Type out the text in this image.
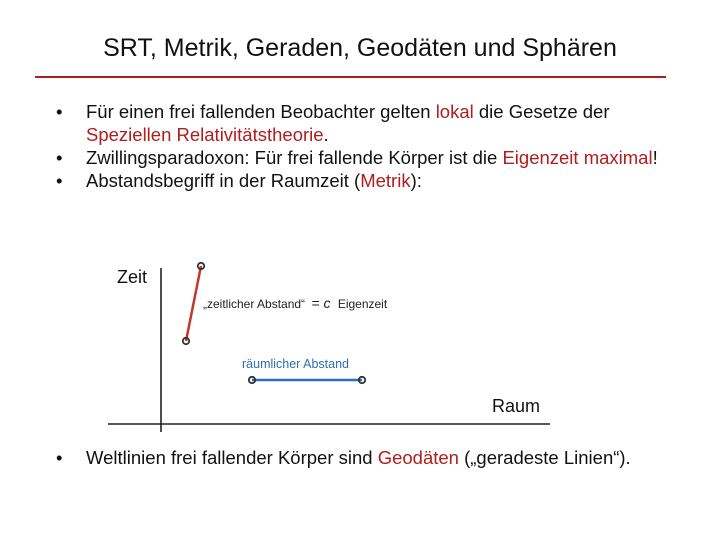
SRT, Metrik, Geraden, Geodäten und Sphären
• Für einen frei fallenden Beobachter gelten lokal die Gesetze der Speziellen Relativitätstheorie.
• Zwillingsparadoxon: Für frei fallende Körper ist die Eigenzeit maximal!
• Abstandsbegriff in der Raumzeit (Metrik):
Zeit
Raum
„zeitlicher Abstand“ = c Eigenzeit
räumlicher Abstand
• Weltlinien frei fallender Körper sind Geodäten („geradeste Linien“).
